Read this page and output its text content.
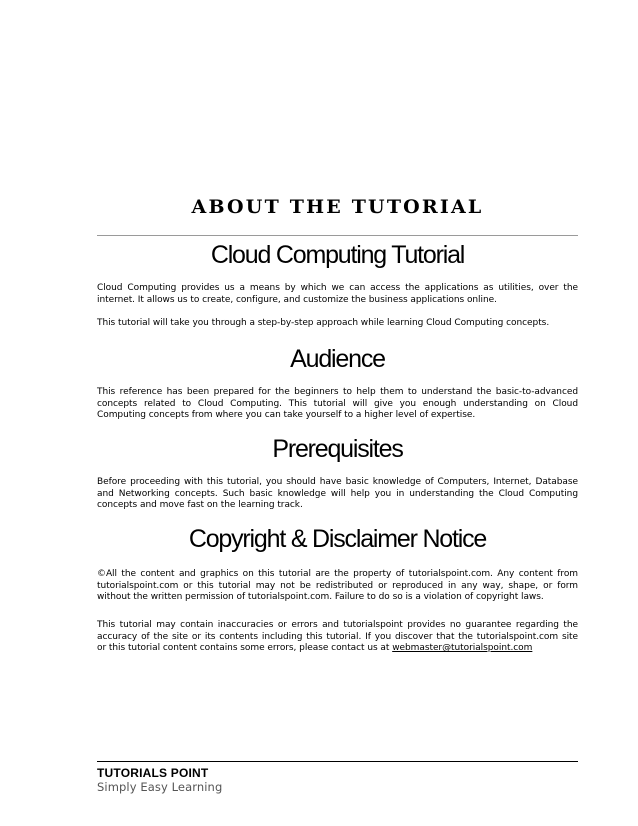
ABOUT THE TUTORIAL
Cloud Computing Tutorial
Cloud Computing provides us a means by which we can access the applications as utilities, over the
internet. It allows us to create, configure, and customize the business applications online.
This tutorial will take you through a step-by-step approach while learning Cloud Computing concepts.
Audience
This reference has been prepared for the beginners to help them to understand the basic-to-advanced
concepts related to Cloud Computing. This tutorial will give you enough understanding on Cloud
Computing concepts from where you can take yourself to a higher level of expertise.
Prerequisites
Before proceeding with this tutorial, you should have basic knowledge of Computers, Internet, Database
and Networking concepts. Such basic knowledge will help you in understanding the Cloud Computing
concepts and move fast on the learning track.
Copyright & Disclaimer Notice
©All the content and graphics on this tutorial are the property of tutorialspoint.com. Any content from
tutorialspoint.com or this tutorial may not be redistributed or reproduced in any way, shape, or form
without the written permission of tutorialspoint.com. Failure to do so is a violation of copyright laws.
This tutorial may contain inaccuracies or errors and tutorialspoint provides no guarantee regarding the
accuracy of the site or its contents including this tutorial. If you discover that the tutorialspoint.com site
or this tutorial content contains some errors, please contact us at webmaster@tutorialspoint.com
TUTORIALS POINT
Simply Easy Learning
